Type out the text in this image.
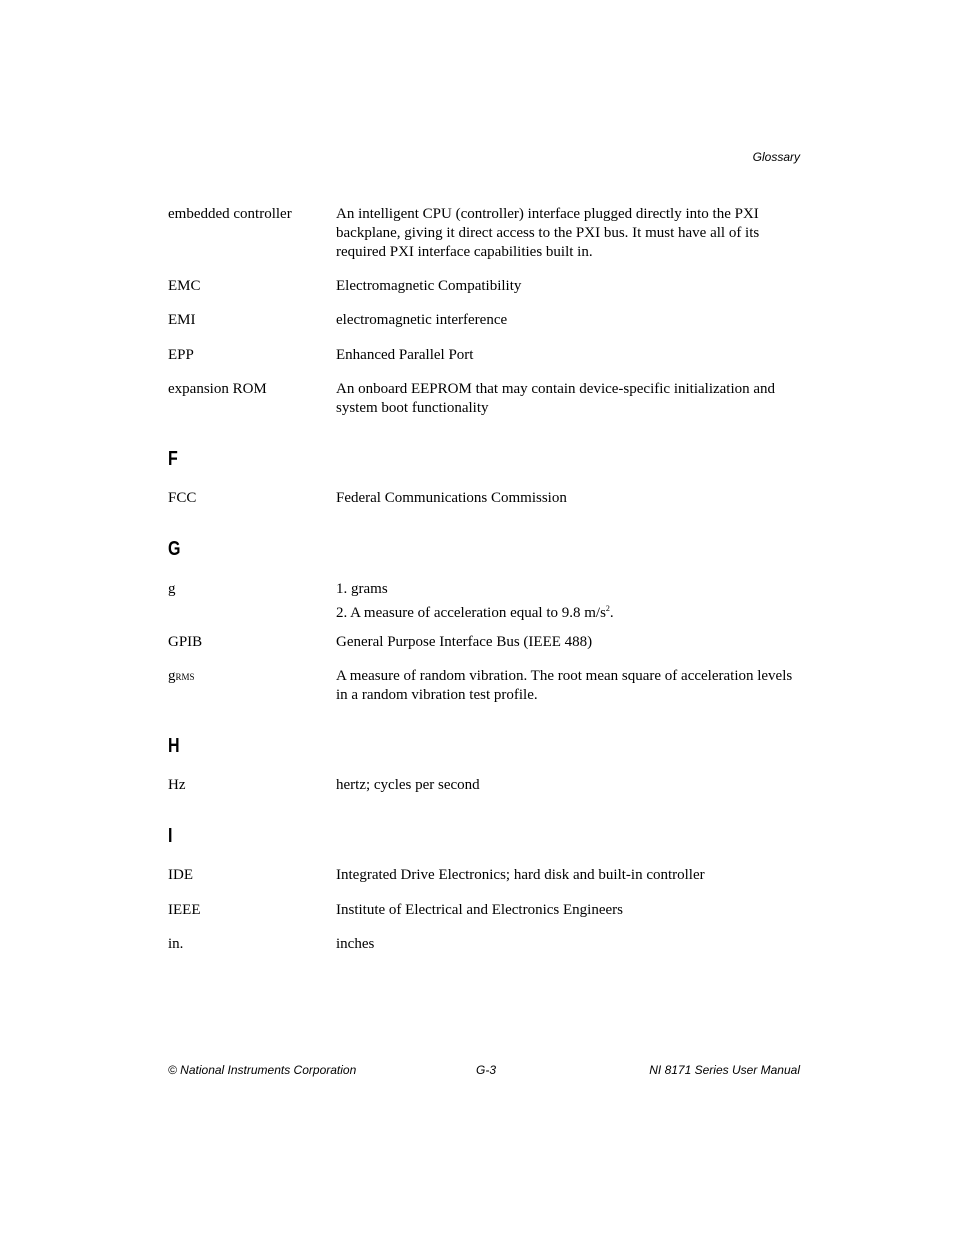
Glossary
embedded controller	An intelligent CPU (controller) interface plugged directly into the PXI backplane, giving it direct access to the PXI bus. It must have all of its required PXI interface capabilities built in.
EMC	Electromagnetic Compatibility
EMI	electromagnetic interference
EPP	Enhanced Parallel Port
expansion ROM	An onboard EEPROM that may contain device-specific initialization and system boot functionality
F
FCC	Federal Communications Commission
G
g	1. grams
2. A measure of acceleration equal to 9.8 $m/s^2$.
GPIB	General Purpose Interface Bus (IEEE 488)
gRMS	A measure of random vibration. The root mean square of acceleration levels in a random vibration test profile.
H
Hz	hertz; cycles per second
I
IDE	Integrated Drive Electronics; hard disk and built-in controller
IEEE	Institute of Electrical and Electronics Engineers
in.	inches
© National Instruments Corporation	G-3	NI 8171 Series User Manual
